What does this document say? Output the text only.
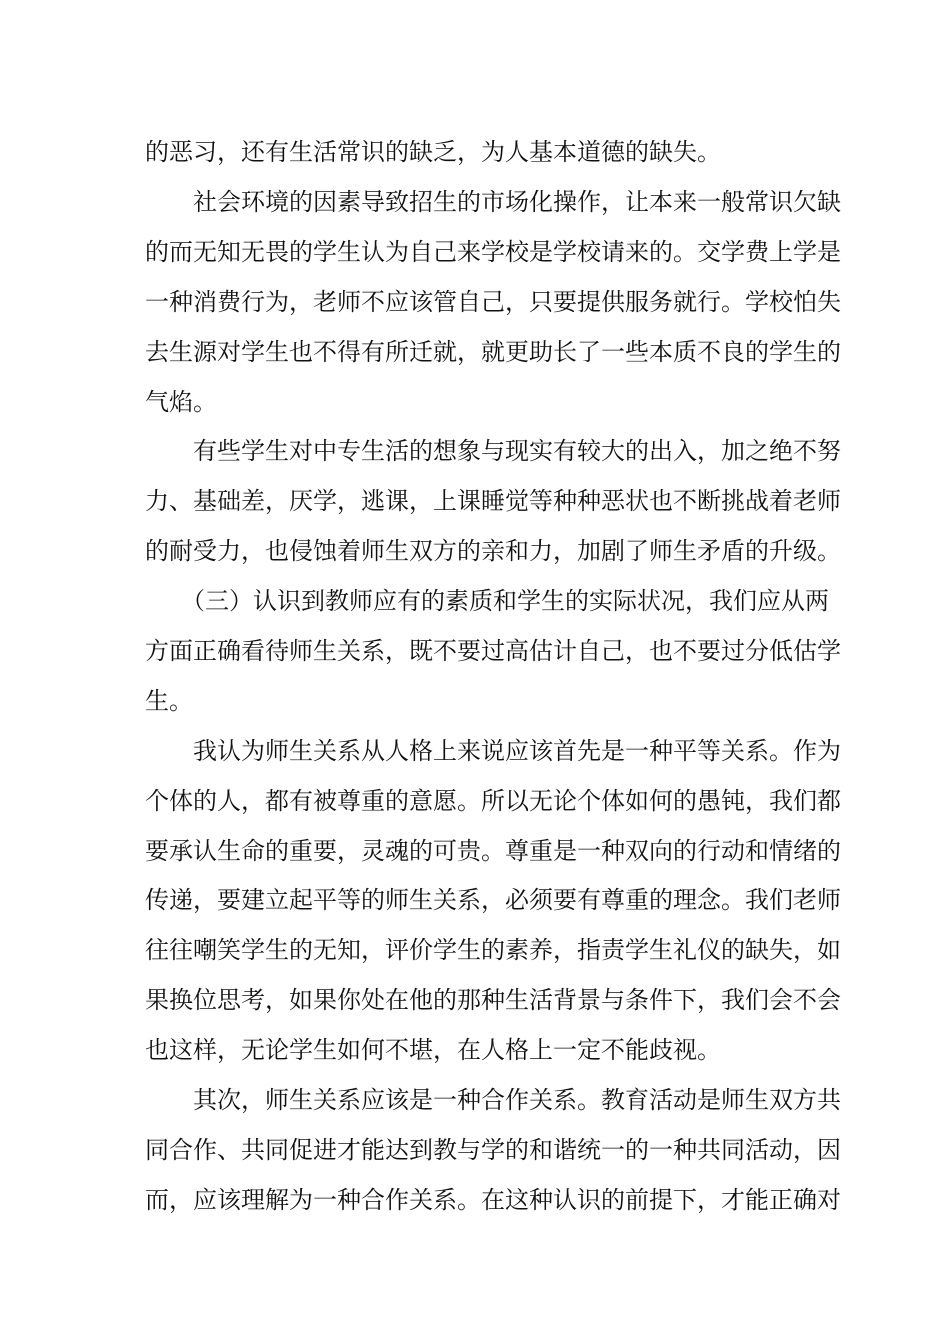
的恶习，还有生活常识的缺乏，为人基本道德的缺失。

社会环境的因素导致招生的市场化操作，让本来一般常识欠缺

的而无知无畏的学生认为自己来学校是学校请来的。交学费上学是

一种消费行为，老师不应该管自己，只要提供服务就行。学校怕失

去生源对学生也不得有所迁就，就更助长了一些本质不良的学生的

气焰。

有些学生对中专生活的想象与现实有较大的出入，加之绝不努

力、基础差，厌学，逃课，上课睡觉等种种恶状也不断挑战着老师

的耐受力，也侵蚀着师生双方的亲和力，加剧了师生矛盾的升级。

（三）认识到教师应有的素质和学生的实际状况，我们应从两

方面正确看待师生关系，既不要过高估计自己，也不要过分低估学

生。

我认为师生关系从人格上来说应该首先是一种平等关系。作为

个体的人，都有被尊重的意愿。所以无论个体如何的愚钝，我们都

要承认生命的重要，灵魂的可贵。尊重是一种双向的行动和情绪的

传递，要建立起平等的师生关系，必须要有尊重的理念。我们老师

往往嘲笑学生的无知，评价学生的素养，指责学生礼仪的缺失，如

果换位思考，如果你处在他的那种生活背景与条件下，我们会不会

也这样，无论学生如何不堪，在人格上一定不能歧视。

其次，师生关系应该是一种合作关系。教育活动是师生双方共

同合作、共同促进才能达到教与学的和谐统一的一种共同活动，因

而，应该理解为一种合作关系。在这种认识的前提下，才能正确对
